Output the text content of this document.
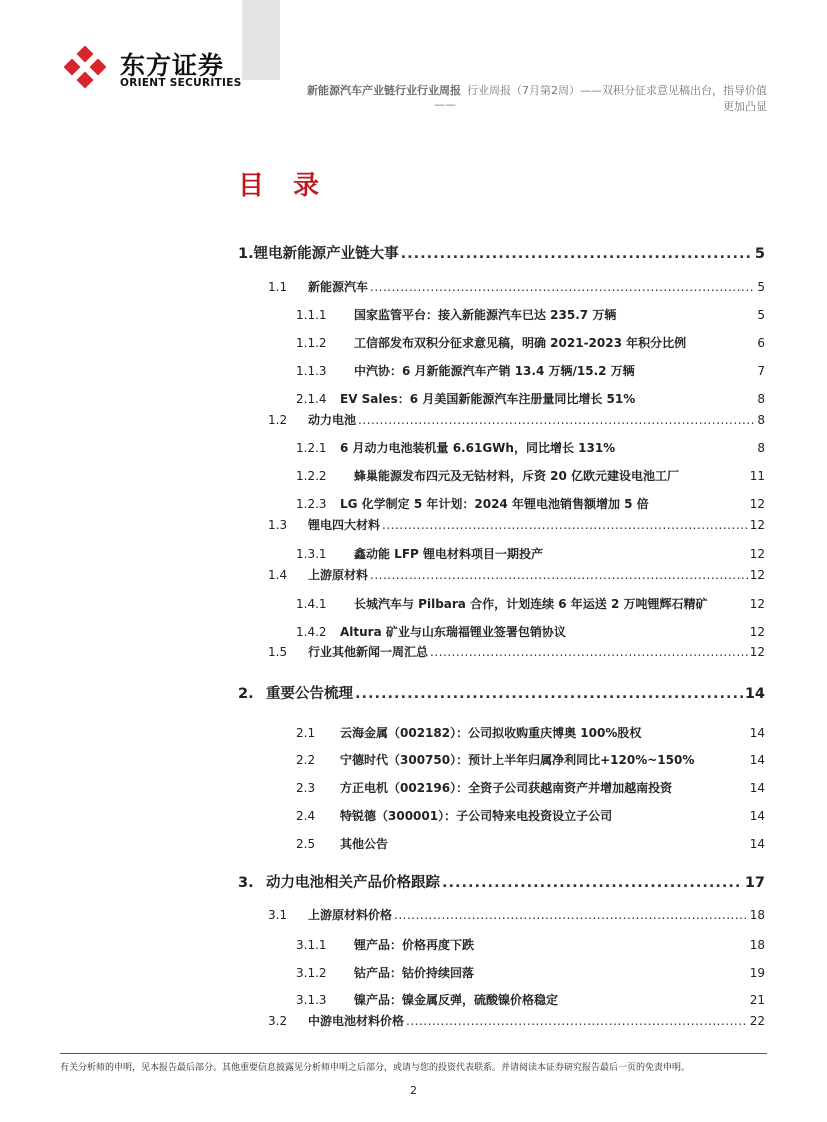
东方证券
ORIENT SECURITIES
新能源汽车产业链行业行业周报 行业周报（7月第2周）——双积分征求意见稿出台，指导价值
——	更加凸显
目 录
1. 锂电新能源产业链大事 .....	5
1.1	新能源汽车 .....	5
1.1.1	国家监管平台：接入新能源汽车已达 235.7 万辆	5
1.1.2	工信部发布双积分征求意见稿，明确 2021-2023 年积分比例	6
1.1.3	中汽协：6 月新能源汽车产销 13.4 万辆/15.2 万辆	7
2.1.4	EV Sales：6 月美国新能源汽车注册量同比增长 51%	8
1.2	动力电池 .....	8
1.2.1	6 月动力电池装机量 6.61GWh，同比增长 131%	8
1.2.2	蜂巢能源发布四元及无钴材料，斥资 20 亿欧元建设电池工厂	11
1.2.3	LG 化学制定 5 年计划：2024 年锂电池销售额增加 5 倍	12
1.3	锂电四大材料 .....	12
1.3.1	鑫动能 LFP 锂电材料项目一期投产	12
1.4	上游原材料 .....	12
1.4.1	长城汽车与 Pilbara 合作，计划连续 6 年运送 2 万吨锂辉石精矿	12
1.4.2	Altura 矿业与山东瑞福锂业签署包销协议	12
1.5	行业其他新闻一周汇总 .....	12
2. 重要公告梳理 .....	14
2.1	云海金属（002182）：公司拟收购重庆博奥 100%股权	14
2.2	宁德时代（300750）：预计上半年归属净利同比+120%~150%	14
2.3	方正电机（002196）：全资子公司获越南资产并增加越南投资	14
2.4	特锐德（300001）：子公司特来电投资设立子公司	14
2.5	其他公告	14
3. 动力电池相关产品价格跟踪 .....	17
3.1	上游原材料价格 .....	18
3.1.1	锂产品：价格再度下跌	18
3.1.2	钴产品：钴价持续回落	19
3.1.3	镍产品：镍金属反弹，硫酸镍价格稳定	21
3.2	中游电池材料价格 .....	22
有关分析师的申明，见本报告最后部分。其他重要信息披露见分析师申明之后部分，或请与您的投资代表联系。并请阅读本证券研究报告最后一页的免责申明。
2
